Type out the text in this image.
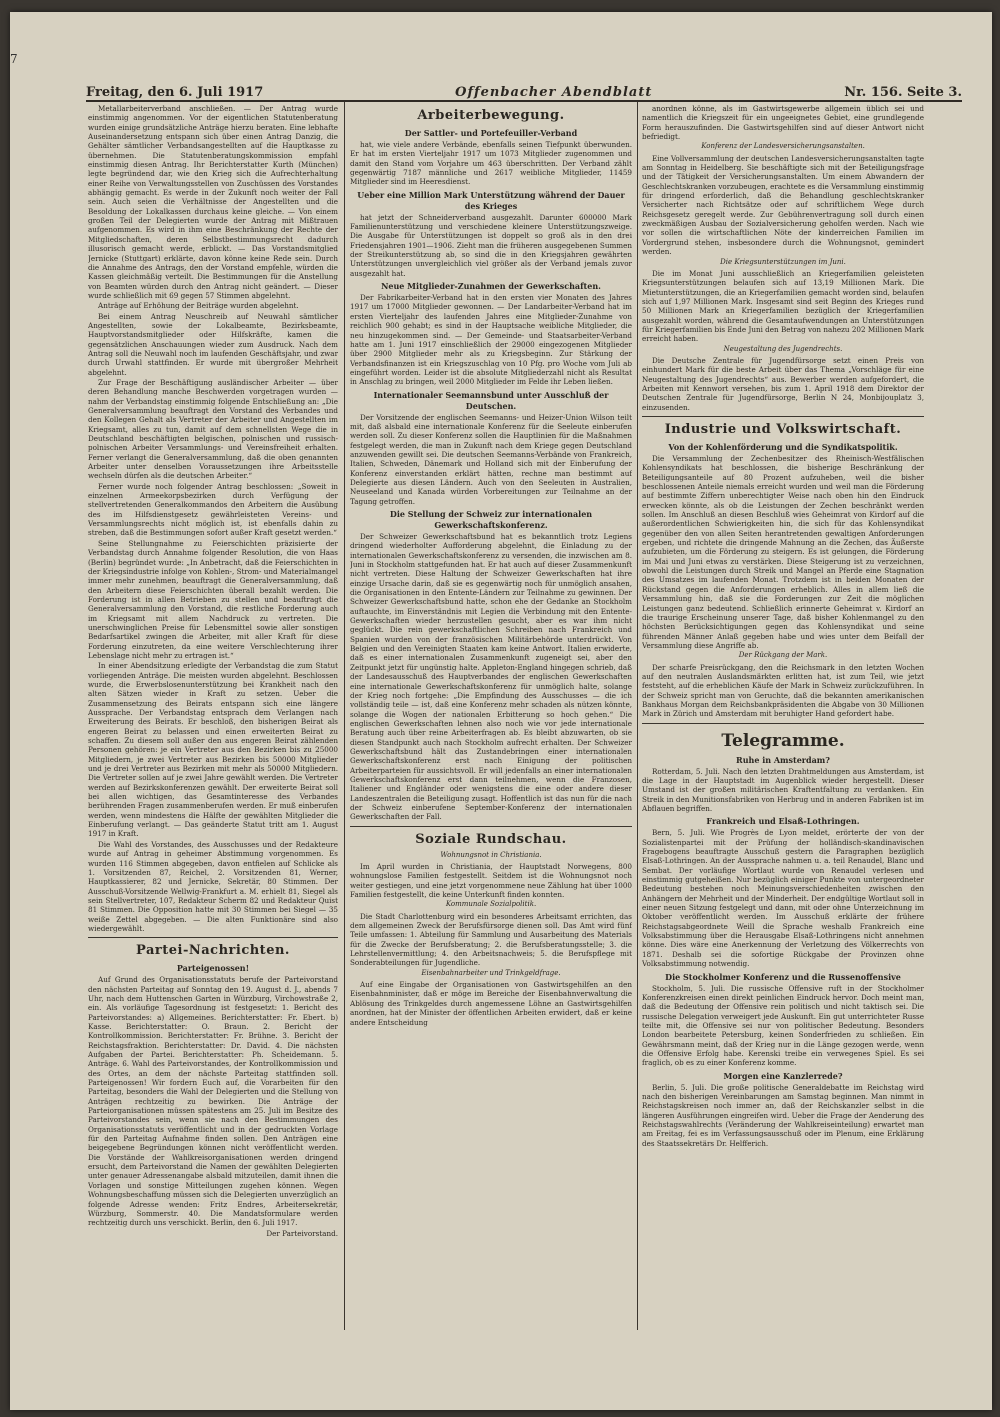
7
Freitag, den 6. Juli 1917	Offenbacher Abendblatt	Nr. 156. Seite 3.

Metallarbeiterverband anschließen. — Der Antrag wurde einstimmig angenommen. Vor der eigentlichen Statutenberatung wurden einige grundsätzliche Anträge hierzu beraten. Eine lebhafte Auseinandersetzung entspann sich über einen Antrag Danzig, die Gehälter sämtlicher Verbandsangestellten auf die Hauptkasse zu übernehmen. Die Statutenberatungskommission empfahl einstimmig diesen Antrag. Ihr Berichterstatter Kurth (München) legte begründend dar, wie den Krieg sich die Aufrechterhaltung einer Reihe von Verwaltungsstellen von Zuschüssen des Vorstandes abhängig gemacht. Es werde in der Zukunft noch weiter der Fall sein. Auch seien die Verhältnisse der Angestellten und die Besoldung der Lokalkassen durchaus keine gleiche. — Von einem großen Teil der Delegierten wurde der Antrag mit Mißtrauen aufgenommen. Es wird in ihm eine Beschränkung der Rechte der Mitgliedschaften, deren Selbstbestimmungsrecht dadurch illusorisch gemacht werde, erblickt. — Das Vorstandsmitglied Jernicke (Stuttgart) erklärte, davon könne keine Rede sein. Durch die Annahme des Antrags, den der Vorstand empfehle, würden die Kassen gleichmäßig verteilt. Die Bestimmungen für die Anstellung von Beamten würden durch den Antrag nicht geändert. — Dieser wurde schließlich mit 69 gegen 57 Stimmen abgelehnt.

Anträge auf Erhöhung der Beiträge wurden abgelehnt.

Bei einem Antrag Neuschreib auf Neuwahl sämtlicher Angestellten, sowie der Lokalbeamte, Bezirksbeamte, Hauptvorstandsmitglieder oder Hilfskräfte, kamen die gegensätzlichen Anschauungen wieder zum Ausdruck. Nach dem Antrag soll die Neuwahl noch im laufenden Geschäftsjahr, und zwar durch Urwahl stattfinden. Er wurde mit übergroßer Mehrheit abgelehnt.

Zur Frage der Beschäftigung ausländischer Arbeiter — über deren Behandlung manche Beschwerden vorgetragen wurden — nahm der Verbandstag einstimmig folgende Entschließung an: „Die Generalversammlung beauftragt den Vorstand des Verbandes und den Kollegen Gehalt als Vertreter der Arbeiter und Angestellten im Kriegsamt, alles zu tun, damit auf dem schnellsten Wege die in Deutschland beschäftigten belgischen, polnischen und russisch-polnischen Arbeiter Versammlungs- und Vereinsfreiheit erhalten. Ferner verlangt die Generalversammlung, daß die oben genannten Arbeiter unter denselben Voraussetzungen ihre Arbeitsstelle wechseln dürfen als die deutschen Arbeiter.“

Ferner wurde noch folgender Antrag beschlossen: „Soweit in einzelnen Armeekorpsbezirken durch Verfügung der stellvertretenden Generalkommandos den Arbeitern die Ausübung des im Hilfsdienstgesetz gewährleisteten Vereins- und Versammlungsrechts nicht möglich ist, ist ebenfalls dahin zu streben, daß die Bestimmungen sofort außer Kraft gesetzt werden.“

Seine Stellungnahme zu Feierschichten präzisierte der Verbandstag durch Annahme folgender Resolution, die von Haas (Berlin) begründet wurde: „In Anbetracht, daß die Feierschichten in der Kriegsindustrie infolge von Kohlen-, Strom- und Materialmangel immer mehr zunehmen, beauftragt die Generalversammlung, daß den Arbeitern diese Feierschichten überall bezahlt werden. Die Forderung ist in allen Betrieben zu stellen und beauftragt die Generalversammlung den Vorstand, die restliche Forderung auch im Kriegsamt mit allem Nachdruck zu vertreten. Die unerschwinglichen Preise für Lebensmittel sowie aller sonstigen Bedarfsartikel zwingen die Arbeiter, mit aller Kraft für diese Forderung einzutreten, da eine weitere Verschlechterung ihrer Lebenslage nicht mehr zu ertragen ist.“

In einer Abendsitzung erledigte der Verbandstag die zum Statut vorliegenden Anträge. Die meisten wurden abgelehnt. Beschlossen wurde, die Erwerbslosenunterstützung bei Krankheit nach den alten Sätzen wieder in Kraft zu setzen. Ueber die Zusammensetzung des Beirats entspann sich eine längere Aussprache. Der Verbandstag entsprach dem Verlangen nach Erweiterung des Beirats. Er beschloß, den bisherigen Beirat als engeren Beirat zu belassen und einen erweiterten Beirat zu schaffen. Zu diesem soll außer den aus engeren Beirat zählenden Personen gehören: je ein Vertreter aus den Bezirken bis zu 25000 Mitgliedern, je zwei Vertreter aus Bezirken bis 50000 Mitglieder und je drei Vertreter aus Bezirken mit mehr als 50000 Mitgliedern. Die Vertreter sollen auf je zwei Jahre gewählt werden. Die Vertreter werden auf Bezirkskonferenzen gewählt. Der erweiterte Beirat soll bei allen wichtigen, das Gesamtinteresse des Verbandes berührenden Fragen zusammenberufen werden. Er muß einberufen werden, wenn mindestens die Hälfte der gewählten Mitglieder die Einberufung verlangt. — Das geänderte Statut tritt am 1. August 1917 in Kraft.

Die Wahl des Vorstandes, des Ausschusses und der Redakteure wurde auf Antrag in geheimer Abstimmung vorgenommen. Es wurden 116 Stimmen abgegeben, davon entfielen auf Schlicke als 1. Vorsitzenden 87, Reichel, 2. Vorsitzenden 81, Werner, Hauptkassierer, 82 und Jernicke, Sekretär, 80 Stimmen. Der Ausschuß-Vorsitzende Wellwig-Frankfurt a. M. erhielt 81, Siegel als sein Stellvertreter, 107, Redakteur Scherm 82 und Redakteur Quist 81 Stimmen. Die Opposition hatte mit 30 Stimmen bei Siegel — 35 weiße Zettel abgegeben. — Die alten Funktionäre sind also wiedergewählt.

Partei-Nachrichten.
Parteigenossen!

Auf Grund des Organisationsstatuts berufe der Parteivorstand den nächsten Parteitag auf Sonntag den 19. August d. J., abends 7 Uhr, nach dem Huttenschen Garten in Würzburg, Virchowstraße 2, ein. Als vorläufige Tagesordnung ist festgesetzt: 1. Bericht des Parteivorstandes: a) Allgemeines. Berichterstatter: Fr. Ebert. b) Kasse. Berichterstatter: O. Braun. 2. Bericht der Kontrollkommission. Berichterstatter: Fr. Brühne. 3. Bericht der Reichstagsfraktion. Berichterstatter: Dr. David. 4. Die nächsten Aufgaben der Partei. Berichterstatter: Ph. Scheidemann. 5. Anträge. 6. Wahl des Parteivorstandes, der Kontrollkommission und des Ortes, an dem der nächste Parteitag stattfinden soll. Parteigenossen! Wir fordern Euch auf, die Vorarbeiten für den Parteitag, besonders die Wahl der Delegierten und die Stellung von Anträgen rechtzeitig zu bewirken. Die Anträge der Parteiorganisationen müssen spätestens am 25. Juli im Besitze des Parteivorstandes sein, wenn sie nach den Bestimmungen des Organisationsstatuts veröffentlicht und in der gedruckten Vorlage für den Parteitag Aufnahme finden sollen. Den Anträgen eine beigegebene Begründungen können nicht veröffentlicht werden. Die Vorstände der Wahlkreisorganisationen werden dringend ersucht, dem Parteivorstand die Namen der gewählten Delegierten unter genauer Adressenangabe alsbald mitzuteilen, damit ihnen die Vorlagen und sonstige Mitteilungen zugehen können. Wegen Wohnungsbeschaffung müssen sich die Delegierten unverzüglich an folgende Adresse wenden: Fritz Endres, Arbeitersekretär, Würzburg, Sommerstr. 40. Die Mandatsformulare werden rechtzeitig durch uns verschickt. Berlin, den 6. Juli 1917.

Der Parteivorstand.

Arbeiterbewegung.
Der Sattler- und Portefeuiller-Verband

hat, wie viele andere Verbände, ebenfalls seinen Tiefpunkt überwunden. Er hat im ersten Vierteljahr 1917 um 1073 Mitglieder zugenommen und damit den Stand vom Vorjahre um 463 überschritten. Der Verband zählt gegenwärtig 7187 männliche und 2617 weibliche Mitglieder, 11459 Mitglieder sind im Heeresdienst.

Ueber eine Million Mark Unterstützung während der Dauer des Krieges

hat jetzt der Schneiderverband ausgezahlt. Darunter 600000 Mark Familienunterstützung und verschiedene kleinere Unterstützungszweige. Die Ausgabe für Unterstützungen ist doppelt so groß als in den drei Friedensjahren 1901—1906. Zieht man die früheren ausgegebenen Summen der Streikunterstützung ab, so sind die in den Kriegsjahren gewährten Unterstützungen unvergleichlich viel größer als der Verband jemals zuvor ausgezahlt hat.

Neue Mitglieder-Zunahmen der Gewerkschaften.

Der Fabrikarbeiter-Verband hat in den ersten vier Monaten des Jahres 1917 um 17000 Mitglieder gewonnen. — Der Landarbeiter-Verband hat im ersten Vierteljahr des laufenden Jahres eine Mitglieder-Zunahme von reichlich 900 gehabt; es sind in der Hauptsache weibliche Mitglieder, die neu hinzugekommen sind. — Der Gemeinde- und Staatsarbeiter-Verband hatte am 1. Juni 1917 einschließlich der 29000 eingezogenen Mitglieder über 2900 Mitglieder mehr als zu Kriegsbeginn. Zur Stärkung der Verbandsfinanzen ist ein Kriegszuschlag von 10 Pfg. pro Woche vom Juli ab eingeführt worden. Leider ist die absolute Mitgliederzahl nicht als Resultat in Anschlag zu bringen, weil 2000 Mitglieder im Felde ihr Leben ließen.

Internationaler Seemannsbund unter Ausschluß der Deutschen.

Der Vorsitzende der englischen Seemanns- und Heizer-Union Wilson teilt mit, daß alsbald eine internationale Konferenz für die Seeleute einberufen werden soll. Zu dieser Konferenz sollen die Hauptlinien für die Maßnahmen festgelegt werden, die man in Zukunft nach dem Kriege gegen Deutschland anzuwenden gewillt sei. Die deutschen Seemanns-Verbände von Frankreich, Italien, Schweden, Dänemark und Holland sich mit der Einberufung der Konferenz einverstanden erklärt hätten, rechne man bestimmt auf Delegierte aus diesen Ländern. Auch von den Seeleuten in Australien, Neuseeland und Kanada würden Vorbereitungen zur Teilnahme an der Tagung getroffen.

Die Stellung der Schweiz zur internationalen Gewerkschaftskonferenz.

Der Schweizer Gewerkschaftsbund hat es bekanntlich trotz Legiens dringend wiederholter Aufforderung abgelehnt, die Einladung zu der internationalen Gewerkschaftskonferenz zu versenden, die inzwischen am 8. Juni in Stockholm stattgefunden hat. Er hat auch auf dieser Zusammenkunft nicht vertreten. Diese Haltung der Schweizer Gewerkschaften hat ihre einzige Ursache darin, daß sie es gegenwärtig noch für unmöglich ansahen, die Organisationen in den Entente-Ländern zur Teilnahme zu gewinnen. Der Schweizer Gewerkschaftsbund hatte, schon ehe der Gedanke an Stockholm auftauchte, im Einverständnis mit Legien die Verbindung mit den Entente-Gewerkschaften wieder herzustellen gesucht, aber es war ihm nicht geglückt. Die rein gewerkschaftlichen Schreiben nach Frankreich und Spanien wurden von der französischen Militärbehörde unterdrückt. Von Belgien und den Vereinigten Staaten kam keine Antwort. Italien erwiderte, daß es einer internationalen Zusammenkunft zugeneigt sei, aber den Zeitpunkt jetzt für ungünstig halte. Appleton-England hingegen schrieb, daß der Landesausschuß des Hauptverbandes der englischen Gewerkschaften eine internationale Gewerkschaftskonferenz für unmöglich halte, solange der Krieg noch fortgehe: „Die Empfindung des Ausschusses — die ich vollständig teile — ist, daß eine Konferenz mehr schaden als nützen könnte, solange die Wogen der nationalen Erbitterung so hoch gehen.“ Die englischen Gewerkschaften lehnen also noch wie vor jede internationale Beratung auch über reine Arbeiterfragen ab. Es bleibt abzuwarten, ob sie diesen Standpunkt auch nach Stockholm aufrecht erhalten. Der Schweizer Gewerkschaftsbund hält das Zustandebringen einer internationalen Gewerkschaftskonferenz erst nach Einigung der politischen Arbeiterparteien für aussichtsvoll. Er will jedenfalls an einer internationalen Gewerkschaftskonferenz erst dann teilnehmen, wenn die Franzosen, Italiener und Engländer oder wenigstens die eine oder andere dieser Landeszentralen die Beteiligung zusagt. Hoffentlich ist das nun für die nach der Schweiz einberufene September-Konferenz der internationalen Gewerkschaften der Fall.

Soziale Rundschau.
Wohnungsnot in Christiania.

Im April wurden in Christiania, der Hauptstadt Norwegens, 800 wohnungslose Familien festgestellt. Seitdem ist die Wohnungsnot noch weiter gestiegen, und eine jetzt vorgenommene neue Zählung hat über 1000 Familien festgestellt, die keine Unterkunft finden konnten.

Kommunale Sozialpolitik.

Die Stadt Charlottenburg wird ein besonderes Arbeitsamt errichten, das dem allgemeinen Zweck der Berufsfürsorge dienen soll. Das Amt wird fünf Teile umfassen: 1. Abteilung für Sammlung und Ausarbeitung des Materials für die Zwecke der Berufsberatung; 2. die Berufsberatungsstelle; 3. die Lehrstellenvermittlung; 4. den Arbeitsnachweis; 5. die Berufspflege mit Sonderabteilungen für Jugendliche.

Eisenbahnarbeiter und Trinkgeldfrage.

Auf eine Eingabe der Organisationen von Gastwirtsgehilfen an den Eisenbahnminister, daß er möge im Bereiche der Eisenbahnverwaltung die Ablösung des Trinkgeldes durch angemessene Löhne an Gastwirtsgehilfen anordnen, hat der Minister der öffentlichen Arbeiten erwidert, daß er keine andere Entscheidung

anordnen könne, als im Gastwirtsgewerbe allgemein üblich sei und namentlich die Kriegszeit für ein ungeeignetes Gebiet, eine grundlegende Form herauszufinden. Die Gastwirtsgehilfen sind auf dieser Antwort nicht befriedigt.

Konferenz der Landesversicherungsanstalten.

Eine Vollversammlung der deutschen Landesversicherungsanstalten tagte am Sonntag in Heidelberg. Sie beschäftigte sich mit der Beteiligungsfrage und der Tätigkeit der Versicherungsanstalten. Um einem Abwandern der Geschlechtskranken vorzubeugen, erachtete es die Versammlung einstimmig für dringend erforderlich, daß die Behandlung geschlechtskranker Versicherter nach Richtsätze oder auf schriftlichem Wege durch Reichsgesetz geregelt werde. Zur Gebührenvertragung soll durch einen zweckmäßigen Ausbau der Sozialversicherung geholfen werden. Nach wie vor sollen die wirtschaftlichen Nöte der kinderreichen Familien im Vordergrund stehen, insbesondere durch die Wohnungsnot, gemindert werden.

Die Kriegsunterstützungen im Juni.

Die im Monat Juni ausschließlich an Kriegerfamilien geleisteten Kriegsunterstützungen belaufen sich auf 13,19 Millionen Mark. Die Mietunterstützungen, die an Kriegerfamilien gemacht worden sind, belaufen sich auf 1,97 Millionen Mark. Insgesamt sind seit Beginn des Krieges rund 50 Millionen Mark an Kriegerfamilien bezüglich der Kriegerfamilien ausgezahlt worden, während die Gesamtaufwendungen an Unterstützungen für Kriegerfamilien bis Ende Juni den Betrag von nahezu 202 Millionen Mark erreicht haben.

Neugestaltung des Jugendrechts.

Die Deutsche Zentrale für Jugendfürsorge setzt einen Preis von einhundert Mark für die beste Arbeit über das Thema „Vorschläge für eine Neugestaltung des Jugendrechts“ aus. Bewerber werden aufgefordert, die Arbeiten mit Kennwort versehen, bis zum 1. April 1918 dem Direktor der Deutschen Zentrale für Jugendfürsorge, Berlin N 24, Monbijouplatz 3, einzusenden.

Industrie und Volkswirtschaft.
Von der Kohlenförderung und die Syndikatspolitik.

Die Versammlung der Zechenbesitzer des Rheinisch-Westfälischen Kohlensyndikats hat beschlossen, die bisherige Beschränkung der Beteiligungsanteile auf 80 Prozent aufzuheben, weil die bisher beschlossenen Anteile niemals erreicht wurden und weil man die Förderung auf bestimmte Ziffern unberechtigter Weise nach oben hin den Eindruck erwecken könnte, als ob die Leistungen der Zechen beschränkt werden sollen. Im Anschluß an diesen Beschluß wies Geheimrat von Kirdorf auf die außerordentlichen Schwierigkeiten hin, die sich für das Kohlensyndikat gegenüber den von allen Seiten herantretenden gewaltigen Anforderungen ergeben, und richtete die dringende Mahnung an die Zechen, das Äußerste aufzubieten, um die Förderung zu steigern. Es ist gelungen, die Förderung im Mai und Juni etwas zu verstärken. Diese Steigerung ist zu verzeichnen, obwohl die Leistungen durch Streik und Mangel an Pferde eine Stagnation des Umsatzes im laufenden Monat. Trotzdem ist in beiden Monaten der Rückstand gegen die Anforderungen erheblich. Alles in allem ließ die Versammlung hin, daß sie die Forderungen zur Zeit die möglichen Leistungen ganz bedeutend. Schließlich erinnerte Geheimrat v. Kirdorf an die traurige Erscheinung unserer Tage, daß bisher Kohlenmangel zu den höchsten Berücksichtigungen gegen das Kohlensyndikat und seine führenden Männer Anlaß gegeben habe und wies unter dem Beifall der Versammlung diese Angriffe ab.

Der Rückgang der Mark.

Der scharfe Preisrückgang, den die Reichsmark in den letzten Wochen auf den neutralen Auslandsmärkten erlitten hat, ist zum Teil, wie jetzt feststeht, auf die erheblichen Käufe der Mark in Schweiz zurückzuführen. In der Schweiz spricht man von Geruchte, daß die bekannten amerikanischen Bankhaus Morgan dem Reichsbankpräsidenten die Abgabe von 30 Millionen Mark in Zürich und Amsterdam mit beruhigter Hand gefordert habe.

Telegramme.
Ruhe in Amsterdam?

Rotterdam, 5. Juli. Nach den letzten Drahtmeldungen aus Amsterdam, ist die Lage in der Hauptstadt im Augenblick wieder hergestellt. Dieser Umstand ist der großen militärischen Kraftentfaltung zu verdanken. Ein Streik in den Munitionsfabriken von Herbrug und in anderen Fabriken ist im Abflauen begriffen.

Frankreich und Elsaß-Lothringen.

Bern, 5. Juli. Wie Progrès de Lyon meldet, erörterte der von der Sozialistenpartei mit der Prüfung der holländisch-skandinavischen Fragebogens beauftragte Ausschuß gestern die Paragraphen bezüglich Elsaß-Lothringen. An der Aussprache nahmen u. a. teil Renaudel, Blanc und Sembat. Der vorläufige Wortlaut wurde von Renaudel verlesen und einstimmig gutgeheißen. Nur bezüglich einiger Punkte von untergeordneter Bedeutung bestehen noch Meinungsverschiedenheiten zwischen den Anhängern der Mehrheit und der Minderheit. Der endgültige Wortlaut soll in einer neuen Sitzung festgelegt und dann, mit oder ohne Unterzeichnung im Oktober veröffentlicht werden. Im Ausschuß erklärte der frühere Reichstagsabgeordnete Weill die Sprache weshalb Frankreich eine Volksabstimmung über die Herausgabe Elsaß-Lothringens nicht annehmen könne. Dies wäre eine Anerkennung der Verletzung des Völkerrechts von 1871. Deshalb sei die sofortige Rückgabe der Provinzen ohne Volksabstimmung notwendig.

Die Stockholmer Konferenz und die Russenoffensive

Stockholm, 5. Juli. Die russische Offensive ruft in der Stockholmer Konferenzkreisen einen direkt peinlichen Eindruck hervor. Doch meint man, daß die Bedeutung der Offensive rein politisch und nicht taktisch sei. Die russische Delegation verweigert jede Auskunft. Ein gut unterrichteter Russe teilte mit, die Offensive sei nur von politischer Bedeutung. Besonders London bearbeitete Petersburg, keinen Sonderfrieden zu schließen. Ein Gewährsmann meint, daß der Krieg nur in die Länge gezogen werde, wenn die Offensive Erfolg habe. Kerenski treibe ein verwegenes Spiel. Es sei fraglich, ob es zu einer Konferenz komme.

Morgen eine Kanzlerrede?

Berlin, 5. Juli. Die große politische Generaldebatte im Reichstag wird nach den bisherigen Vereinbarungen am Samstag beginnen. Man nimmt in Reichstagskreisen noch immer an, daß der Reichskanzler selbst in die längeren Ausführungen eingreifen wird. Ueber die Frage der Aenderung des Reichstagswahlrechts (Veränderung der Wahlkreiseinteilung) erwartet man am Freitag, fei es im Verfassungsausschuß oder im Plenum, eine Erklärung des Staatssekretärs Dr. Helfferich.
